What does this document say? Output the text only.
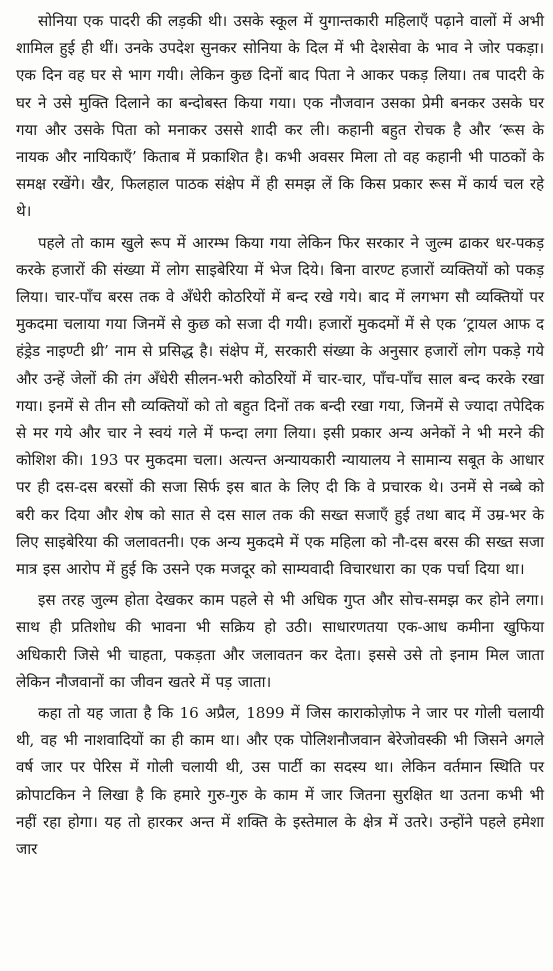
सोनिया एक पादरी की लड़की थी। उसके स्कूल में युगान्तकारी महिलाएँ पढ़ाने वालों में अभी शामिल हुई ही थीं। उनके उपदेश सुनकर सोनिया के दिल में भी देशसेवा के भाव ने जोर पकड़ा। एक दिन वह घर से भाग गयी। लेकिन कुछ दिनों बाद पिता ने आकर पकड़ लिया। तब पादरी के घर ने उसे मुक्ति दिलाने का बन्दोबस्त किया गया। एक नौजवान उसका प्रेमी बनकर उसके घर गया और उसके पिता को मनाकर उससे शादी कर ली। कहानी बहुत रोचक है और ‘रूस के नायक और नायिकाएँ’ किताब में प्रकाशित है। कभी अवसर मिला तो वह कहानी भी पाठकों के समक्ष रखेंगे। खैर, फिलहाल पाठक संक्षेप में ही समझ लें कि किस प्रकार रूस में कार्य चल रहे थे।

पहले तो काम खुले रूप में आरम्भ किया गया लेकिन फिर सरकार ने जुल्म ढाकर धर-पकड़ करके हजारों की संख्या में लोग साइबेरिया में भेज दिये। बिना वारण्ट हजारों व्यक्तियों को पकड़ लिया। चार-पाँच बरस तक वे अँधेरी कोठरियों में बन्द रखे गये। बाद में लगभग सौ व्यक्तियों पर मुकदमा चलाया गया जिनमें से कुछ को सजा दी गयी। हजारों मुकदमों में से एक ‘ट्रायल आफ द हंड्रेड नाइण्टी थ्री’ नाम से प्रसिद्ध है। संक्षेप में, सरकारी संख्या के अनुसार हजारों लोग पकड़े गये और उन्हें जेलों की तंग अँधेरी सीलन-भरी कोठरियों में चार-चार, पाँच-पाँच साल बन्द करके रखा गया। इनमें से तीन सौ व्यक्तियों को तो बहुत दिनों तक बन्दी रखा गया, जिनमें से ज्यादा तपेदिक से मर गये और चार ने स्वयं गले में फन्दा लगा लिया। इसी प्रकार अन्य अनेकों ने भी मरने की कोशिश की। 193 पर मुकदमा चला। अत्यन्त अन्यायकारी न्यायालय ने सामान्य सबूत के आधार पर ही दस-दस बरसों की सजा सिर्फ इस बात के लिए दी कि वे प्रचारक थे। उनमें से नब्बे को बरी कर दिया और शेष को सात से दस साल तक की सख्त सजाएँ हुई तथा बाद में उम्र-भर के लिए साइबेरिया की जलावतनी। एक अन्य मुकदमे में एक महिला को नौ-दस बरस की सख्त सजा मात्र इस आरोप में हुई कि उसने एक मजदूर को साम्यवादी विचारधारा का एक पर्चा दिया था।

इस तरह जुल्म होता देखकर काम पहले से भी अधिक गुप्त और सोच-समझ कर होने लगा। साथ ही प्रतिशोध की भावना भी सक्रिय हो उठी। साधारणतया एक-आध कमीना खुफिया अधिकारी जिसे भी चाहता, पकड़ता और जलावतन कर देता। इससे उसे तो इनाम मिल जाता लेकिन नौजवानों का जीवन खतरे में पड़ जाता।

कहा तो यह जाता है कि 16 अप्रैल, 1899 में जिस काराकोज़ोफ ने जार पर गोली चलायी थी, वह भी नाशवादियों का ही काम था। और एक पोलिशनौजवान बेरेजोवस्की भी जिसने अगले वर्ष जार पर पेरिस में गोली चलायी थी, उस पार्टी का सदस्य था। लेकिन वर्तमान स्थिति पर क्रोपाटकिन ने लिखा है कि हमारे गुरु-गुरु के काम में जार जितना सुरक्षित था उतना कभी भी नहीं रहा होगा। यह तो हारकर अन्त में शक्ति के इस्तेमाल के क्षेत्र में उतरे। उन्होंने पहले हमेशा जार
